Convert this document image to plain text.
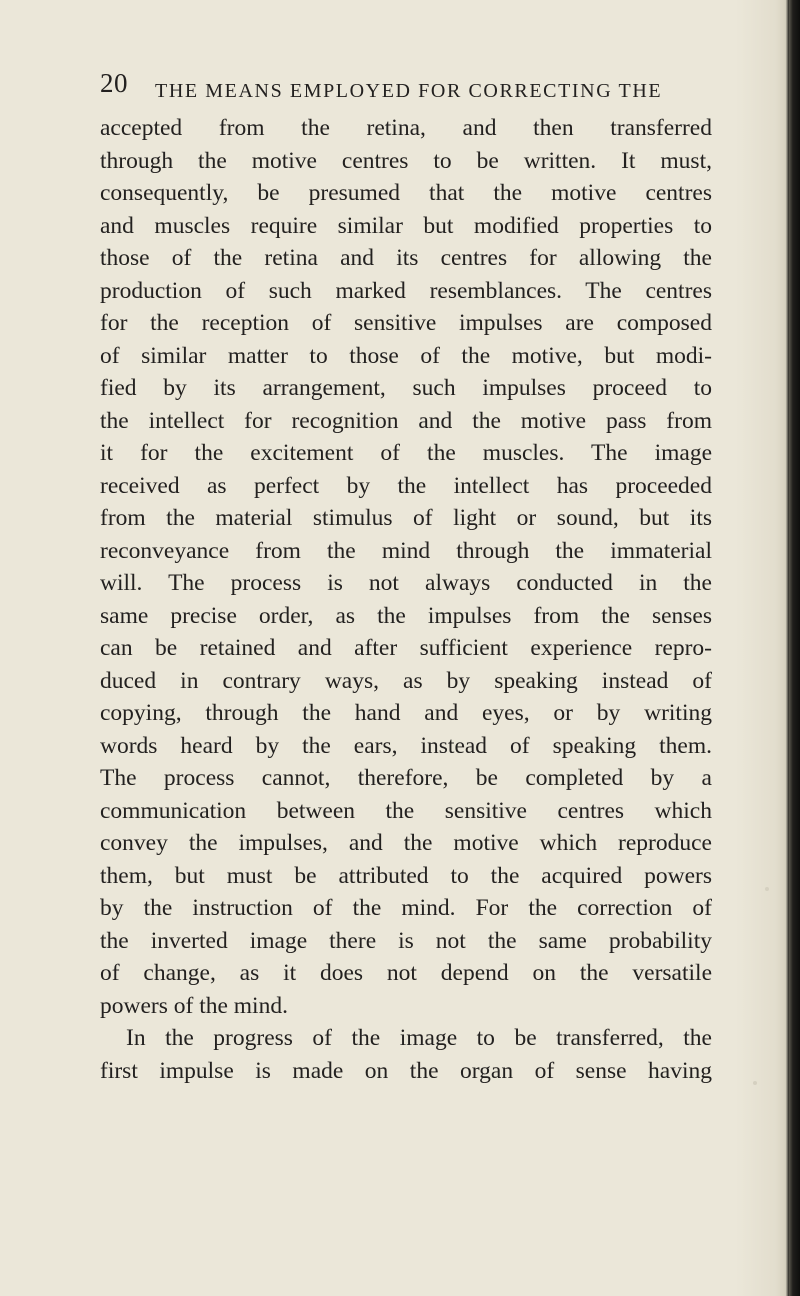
20 THE MEANS EMPLOYED FOR CORRECTING THE
accepted from the retina, and then transferred
through the motive centres to be written. It must,
consequently, be presumed that the motive centres
and muscles require similar but modified properties to
those of the retina and its centres for allowing the
production of such marked resemblances. The centres
for the reception of sensitive impulses are composed
of similar matter to those of the motive, but modi-
fied by its arrangement, such impulses proceed to
the intellect for recognition and the motive pass from
it for the excitement of the muscles. The image
received as perfect by the intellect has proceeded
from the material stimulus of light or sound, but its
reconveyance from the mind through the immaterial
will. The process is not always conducted in the
same precise order, as the impulses from the senses
can be retained and after sufficient experience repro-
duced in contrary ways, as by speaking instead of
copying, through the hand and eyes, or by writing
words heard by the ears, instead of speaking them.
The process cannot, therefore, be completed by a
communication between the sensitive centres which
convey the impulses, and the motive which reproduce
them, but must be attributed to the acquired powers
by the instruction of the mind. For the correction of
the inverted image there is not the same probability
of change, as it does not depend on the versatile
powers of the mind.
In the progress of the image to be transferred, the
first impulse is made on the organ of sense having
